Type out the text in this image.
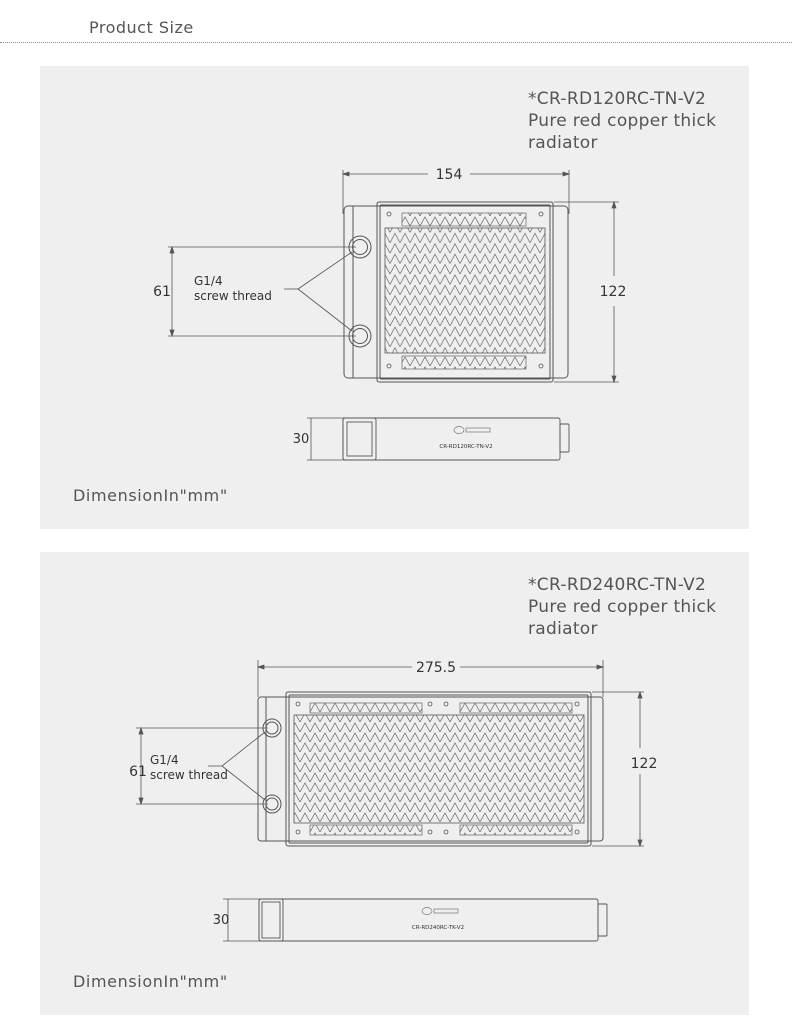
Product Size
154
61
G1/4
screw thread	122
CR-RD120RC-TN-V2
30
*CR-RD120RC-TN-V2
Pure red copper thick
radiator
DimensionIn"mm"
275.5
61
G1/4
screw thread
122
CR-RD240RC-TK-V2
30
*CR-RD240RC-TN-V2
Pure red copper thick
radiator
DimensionIn"mm"
